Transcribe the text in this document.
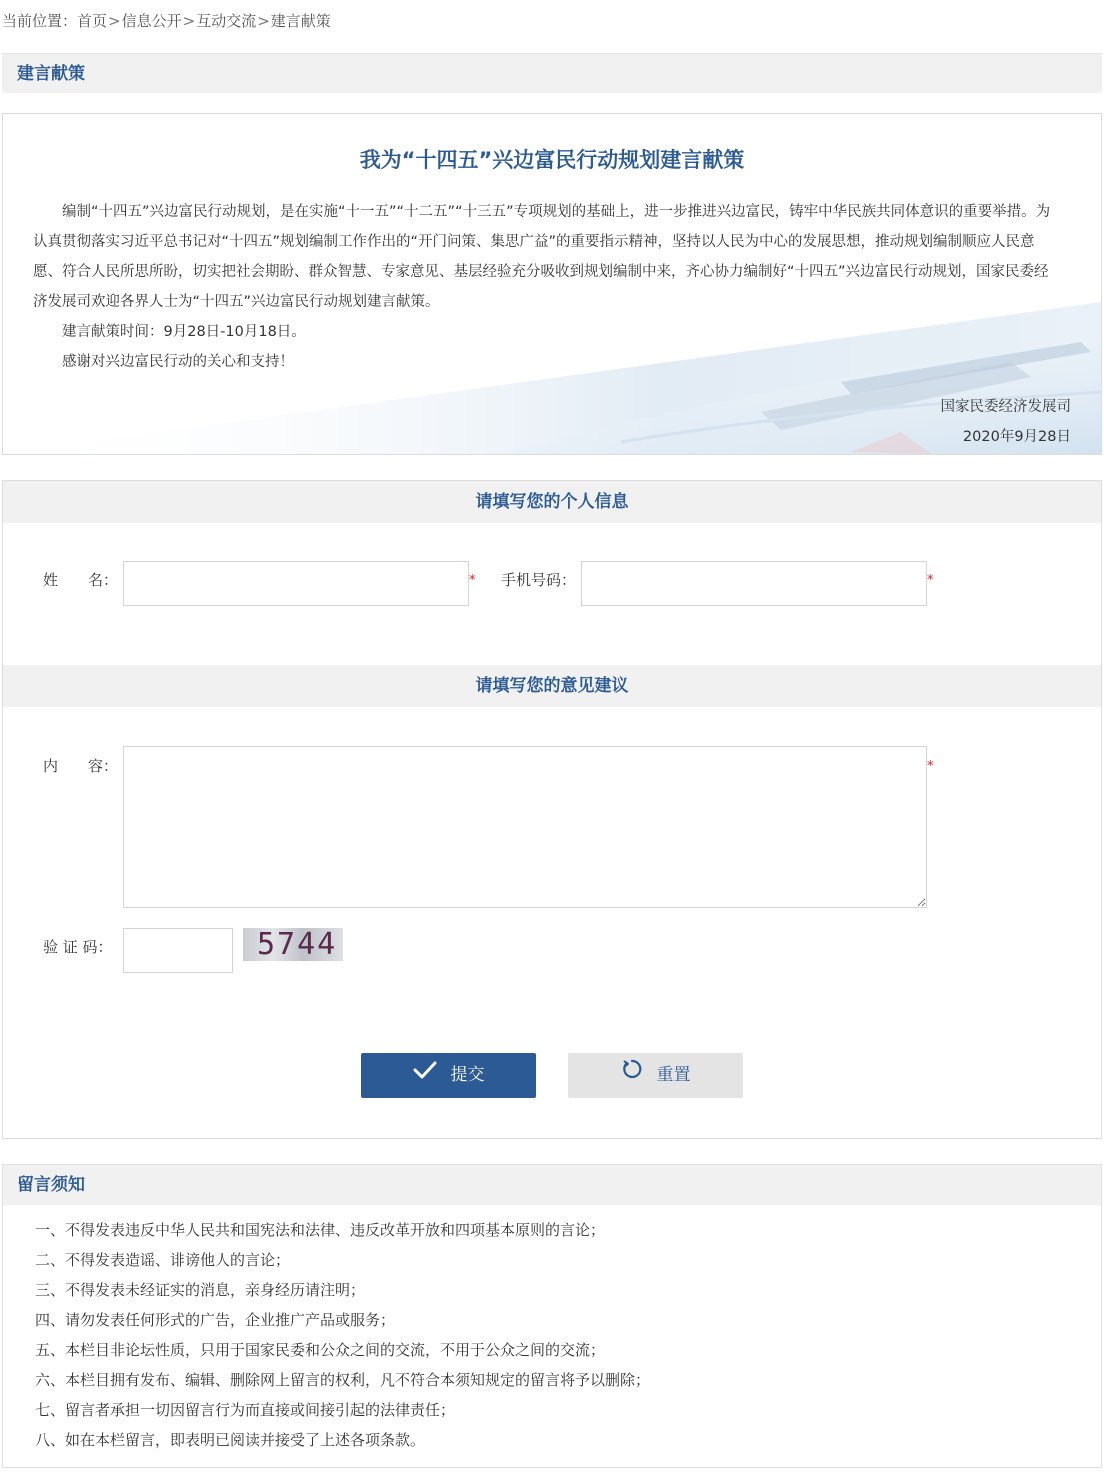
当前位置：首页>信息公开>互动交流>建言献策
建言献策
我为“十四五”兴边富民行动规划建言献策

编制“十四五”兴边富民行动规划，是在实施“十一五”“十二五”“十三五”专项规划的基础上，进一步推进兴边富民，铸牢中华民族共同体意识的重要举措。为认真贯彻落实习近平总书记对“十四五”规划编制工作作出的“开门问策、集思广益”的重要指示精神，坚持以人民为中心的发展思想，推动规划编制顺应人民意愿、符合人民所思所盼，切实把社会期盼、群众智慧、专家意见、基层经验充分吸收到规划编制中来，齐心协力编制好“十四五”兴边富民行动规划，国家民委经济发展司欢迎各界人士为“十四五”兴边富民行动规划建言献策。

建言献策时间：9月28日-10月18日。

感谢对兴边富民行动的关心和支持！

国家民委经济发展司
2020年9月28日
请填写您的个人信息
姓　　名：	* 手机号码：	*
请填写您的意见建议
内　　容：	*
验 证 码：	5744
提交	重置
留言须知
一、不得发表违反中华人民共和国宪法和法律、违反改革开放和四项基本原则的言论；
二、不得发表造谣、诽谤他人的言论；
三、不得发表未经证实的消息，亲身经历请注明；
四、请勿发表任何形式的广告，企业推广产品或服务；
五、本栏目非论坛性质，只用于国家民委和公众之间的交流，不用于公众之间的交流；
六、本栏目拥有发布、编辑、删除网上留言的权利，凡不符合本须知规定的留言将予以删除；
七、留言者承担一切因留言行为而直接或间接引起的法律责任；
八、如在本栏留言，即表明已阅读并接受了上述各项条款。
